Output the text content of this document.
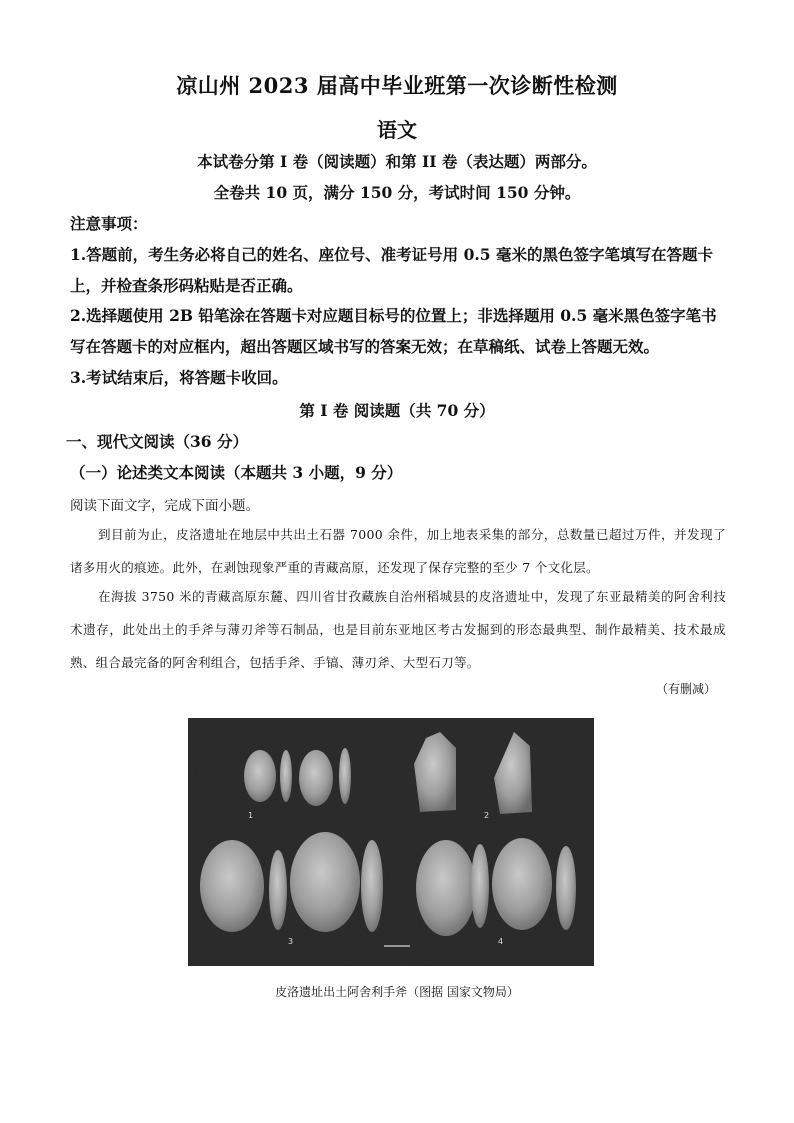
凉山州 2023 届高中毕业班第一次诊断性检测
语文
本试卷分第 I 卷（阅读题）和第 II 卷（表达题）两部分。
全卷共 10 页，满分 150 分，考试时间 150 分钟。
注意事项：
1.答题前，考生务必将自己的姓名、座位号、准考证号用 0.5 毫米的黑色签字笔填写在答题卡上，并检查条形码粘贴是否正确。
2.选择题使用 2B 铅笔涂在答题卡对应题目标号的位置上；非选择题用 0.5 毫米黑色签字笔书写在答题卡的对应框内，超出答题区域书写的答案无效；在草稿纸、试卷上答题无效。
3.考试结束后，将答题卡收回。
第 I 卷 阅读题（共 70 分）
一、现代文阅读（36 分）
（一）论述类文本阅读（本题共 3 小题，9 分）
阅读下面文字，完成下面小题。
到目前为止，皮洛遗址在地层中共出土石器 7000 余件，加上地表采集的部分，总数量已超过万件，并发现了诸多用火的痕迹。此外，在剥蚀现象严重的青藏高原，还发现了保存完整的至少 7 个文化层。
在海拔 3750 米的青藏高原东麓、四川省甘孜藏族自治州稻城县的皮洛遗址中，发现了东亚最精美的阿舍利技术遗存，此处出土的手斧与薄刃斧等石制品，也是目前东亚地区考古发掘到的形态最典型、制作最精美、技术最成熟、组合最完备的阿舍利组合，包括手斧、手镐、薄刃斧、大型石刀等。
（有删减）
1	2
3	4
皮洛遗址出土阿舍利手斧（图据 国家文物局）
